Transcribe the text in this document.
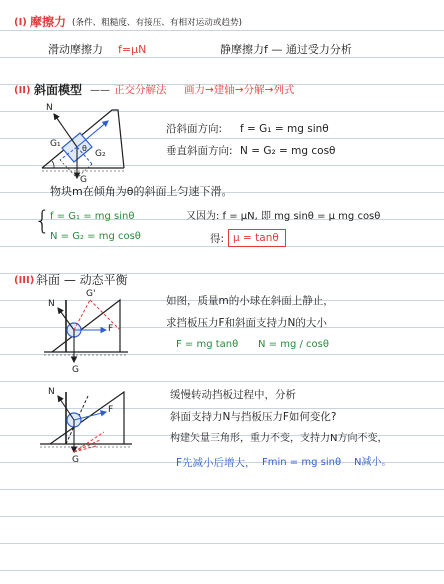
(I) 摩擦力 (条件、粗糙度、有接压、有相对运动或趋势)
滑动摩擦力 f=μN	静摩擦力f — 通过受力分析
(II) 斜面模型 —— 正交分解法 画力→建轴→分解→列式
N
G₁	θ
G₂
G
沿斜面方向: f = G₁ = mg sinθ
垂直斜面方向: N = G₂ = mg cosθ
物块m在倾角为θ的斜面上匀速下滑。
{ f = G₁ = mg sinθ
N = G₂ = mg cosθ
又因为: f = μN, 即 mg sinθ = μ mg cosθ
得: μ = tanθ
(III) 斜面 — 动态平衡
N
G'
F
G
如图，质量m的小球在斜面上静止，
求挡板压力F和斜面支持力N的大小
F = mg tanθ N = mg / cosθ
N
F
G
缓慢转动挡板过程中，分析
斜面支持力N与挡板压力F如何变化?
构建矢量三角形，重力不变，支持力N方向不变，
F先减小后增大， Fmin = mg sinθ N减小。
